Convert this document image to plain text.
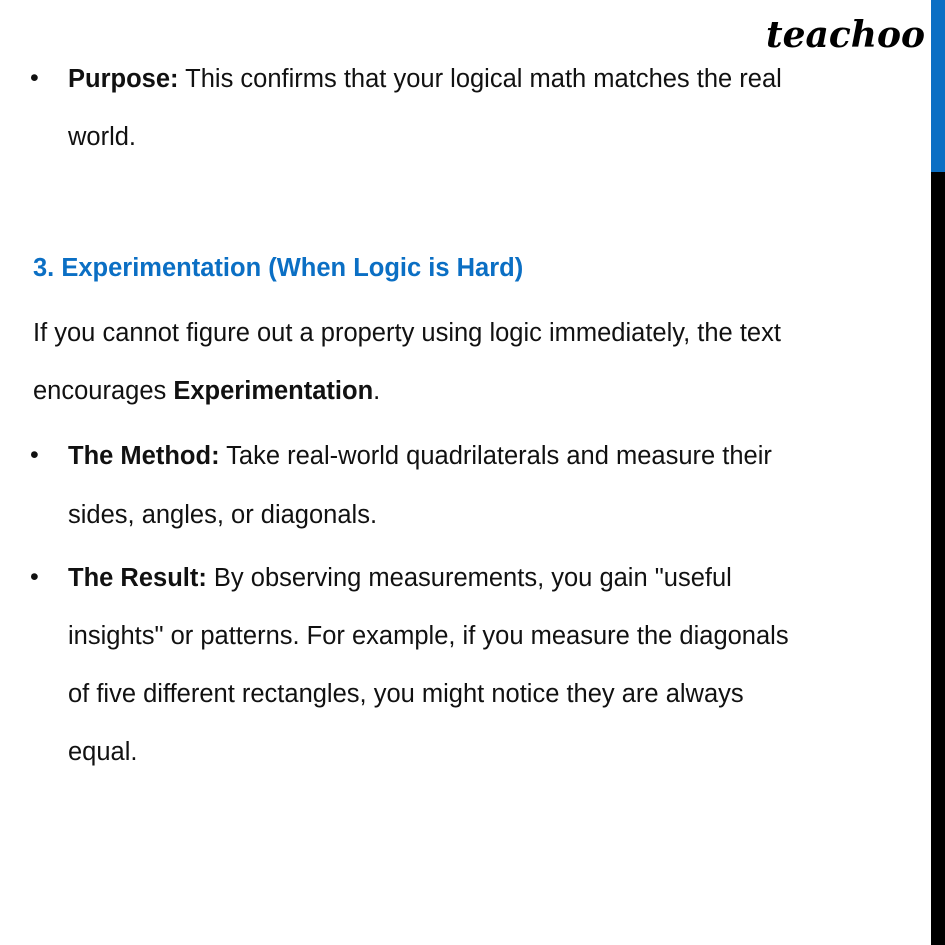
teachoo
• Purpose: This confirms that your logical math matches the real
world.
3. Experimentation (When Logic is Hard)
If you cannot figure out a property using logic immediately, the text
encourages Experimentation.
• The Method: Take real-world quadrilaterals and measure their
sides, angles, or diagonals.
• The Result: By observing measurements, you gain "useful
insights" or patterns. For example, if you measure the diagonals
of five different rectangles, you might notice they are always
equal.
